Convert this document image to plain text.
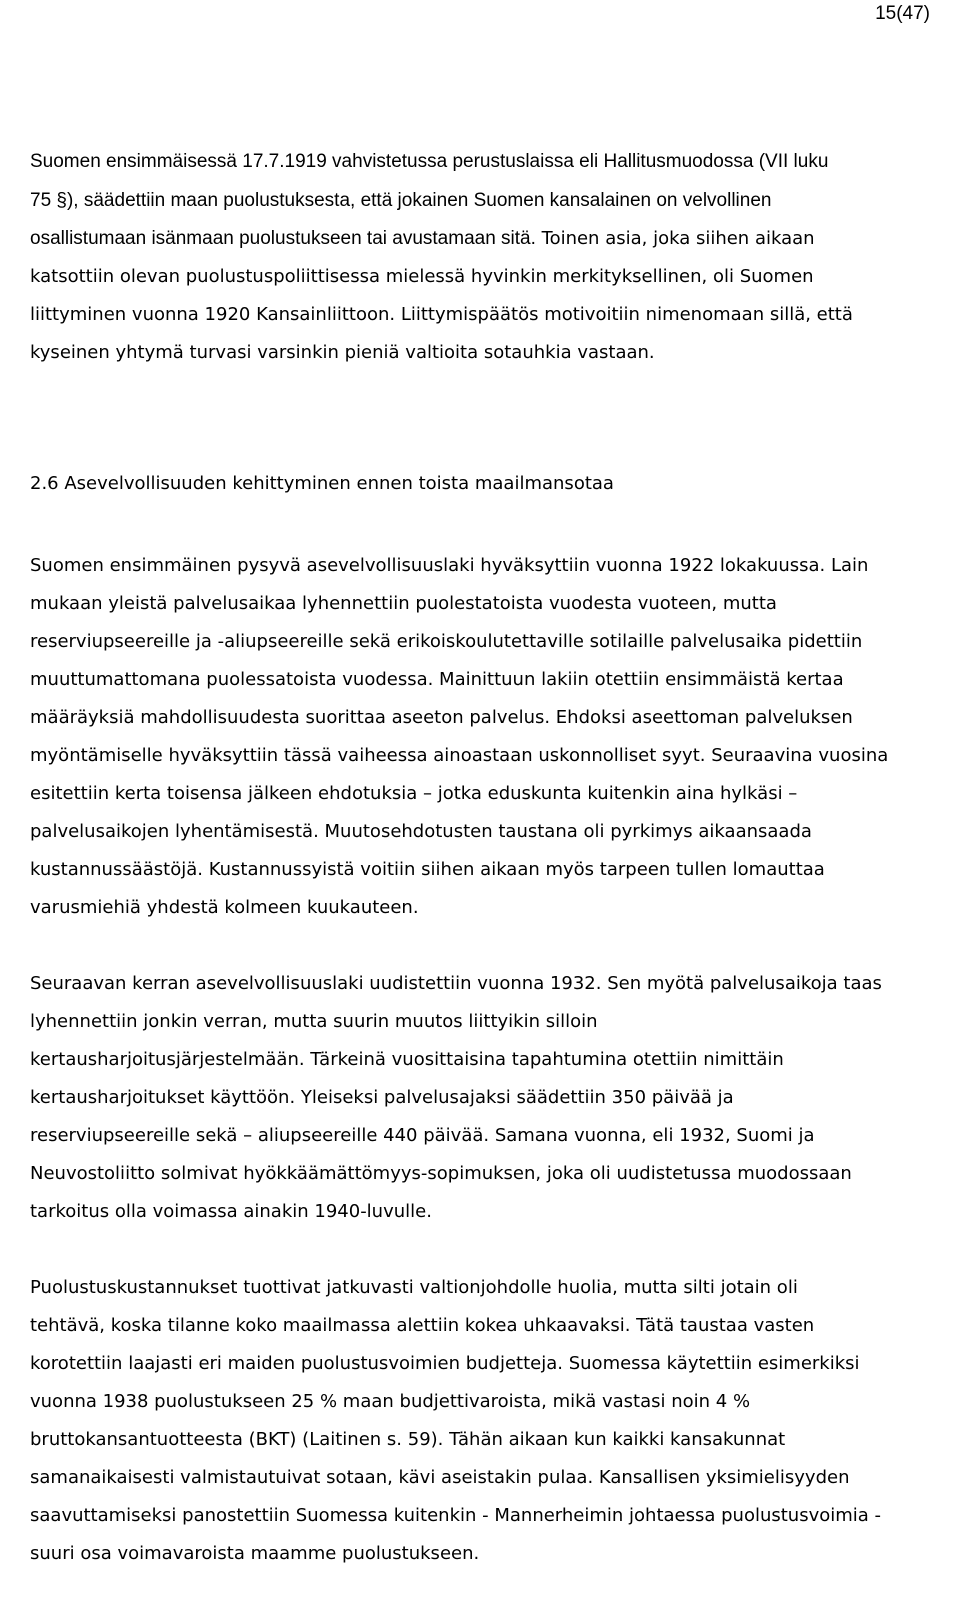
15(47)
Suomen ensimmäisessä 17.7.1919 vahvistetussa perustuslaissa eli Hallitusmuodossa (VII luku
75 §), säädettiin maan puolustuksesta, että jokainen Suomen kansalainen on velvollinen
osallistumaan isänmaan puolustukseen tai avustamaan sitä. Toinen asia, joka siihen aikaan
katsottiin olevan puolustuspoliittisessa mielessä hyvinkin merkityksellinen, oli Suomen
liittyminen vuonna 1920 Kansainliittoon. Liittymispäätös motivoitiin nimenomaan sillä, että
kyseinen yhtymä turvasi varsinkin pieniä valtioita sotauhkia vastaan.
2.6 Asevelvollisuuden kehittyminen ennen toista maailmansotaa
Suomen ensimmäinen pysyvä asevelvollisuuslaki hyväksyttiin vuonna 1922 lokakuussa. Lain
mukaan yleistä palvelusaikaa lyhennettiin puolestatoista vuodesta vuoteen, mutta
reserviupseereille ja -aliupseereille sekä erikoiskoulutettaville sotilaille palvelusaika pidettiin
muuttumattomana puolessatoista vuodessa. Mainittuun lakiin otettiin ensimmäistä kertaa
määräyksiä mahdollisuudesta suorittaa aseeton palvelus. Ehdoksi aseettoman palveluksen
myöntämiselle hyväksyttiin tässä vaiheessa ainoastaan uskonnolliset syyt. Seuraavina vuosina
esitettiin kerta toisensa jälkeen ehdotuksia – jotka eduskunta kuitenkin aina hylkäsi –
palvelusaikojen lyhentämisestä. Muutosehdotusten taustana oli pyrkimys aikaansaada
kustannussäästöjä. Kustannussyistä voitiin siihen aikaan myös tarpeen tullen lomauttaa
varusmiehiä yhdestä kolmeen kuukauteen.
Seuraavan kerran asevelvollisuuslaki uudistettiin vuonna 1932. Sen myötä palvelusaikoja taas
lyhennettiin jonkin verran, mutta suurin muutos liittyikin silloin
kertausharjoitusjärjestelmään. Tärkeinä vuosittaisina tapahtumina otettiin nimittäin
kertausharjoitukset käyttöön. Yleiseksi palvelusajaksi säädettiin 350 päivää ja
reserviupseereille sekä – aliupseereille 440 päivää. Samana vuonna, eli 1932, Suomi ja
Neuvostoliitto solmivat hyökkäämättömyys-sopimuksen, joka oli uudistetussa muodossaan
tarkoitus olla voimassa ainakin 1940-luvulle.
Puolustuskustannukset tuottivat jatkuvasti valtionjohdolle huolia, mutta silti jotain oli
tehtävä, koska tilanne koko maailmassa alettiin kokea uhkaavaksi. Tätä taustaa vasten
korotettiin laajasti eri maiden puolustusvoimien budjetteja. Suomessa käytettiin esimerkiksi
vuonna 1938 puolustukseen 25 % maan budjettivaroista, mikä vastasi noin 4 %
bruttokansantuotteesta (BKT) (Laitinen s. 59). Tähän aikaan kun kaikki kansakunnat
samanaikaisesti valmistautuivat sotaan, kävi aseistakin pulaa. Kansallisen yksimielisyyden
saavuttamiseksi panostettiin Suomessa kuitenkin - Mannerheimin johtaessa puolustusvoimia -
suuri osa voimavaroista maamme puolustukseen.
